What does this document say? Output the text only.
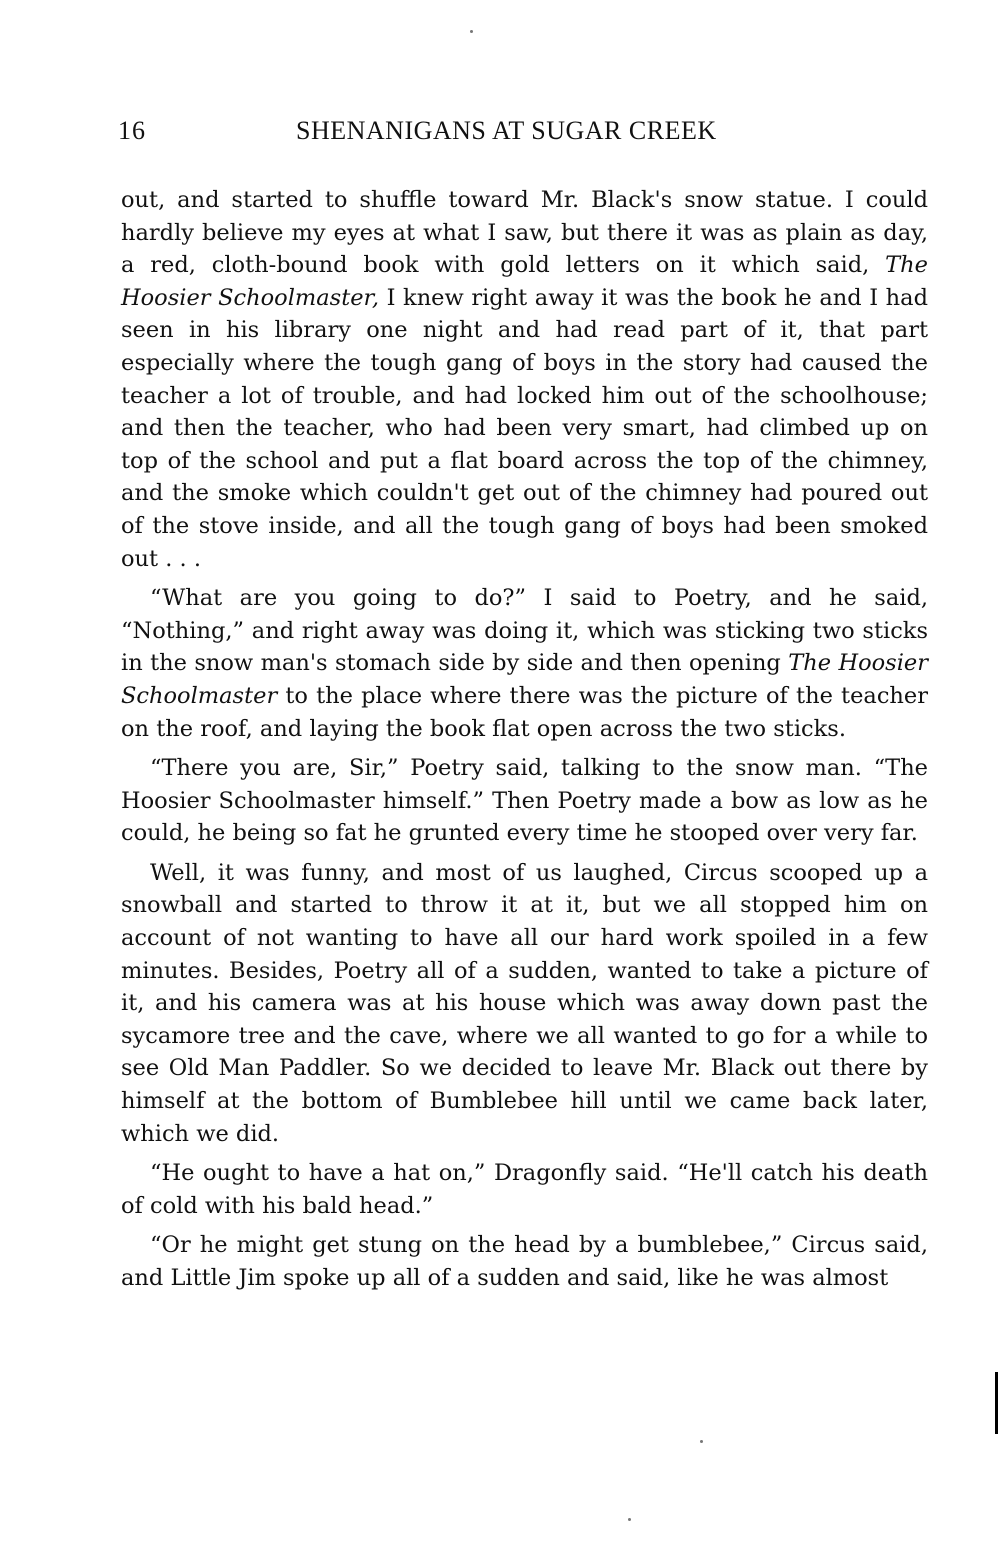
16	SHENANIGANS AT SUGAR CREEK

out, and started to shuffle toward Mr. Black's snow statue. I could hardly believe my eyes at what I saw, but there it was as plain as day, a red, cloth-bound book with gold letters on it which said, The Hoosier Schoolmaster, I knew right away it was the book he and I had seen in his library one night and had read part of it, that part especially where the tough gang of boys in the story had caused the teacher a lot of trouble, and had locked him out of the schoolhouse; and then the teacher, who had been very smart, had climbed up on top of the school and put a flat board across the top of the chimney, and the smoke which couldn't get out of the chimney had poured out of the stove inside, and all the tough gang of boys had been smoked out . . .

“What are you going to do?” I said to Poetry, and he said, “Nothing,” and right away was doing it, which was sticking two sticks in the snow man's stomach side by side and then opening The Hoosier Schoolmaster to the place where there was the picture of the teacher on the roof, and laying the book flat open across the two sticks.

“There you are, Sir,” Poetry said, talking to the snow man. “The Hoosier Schoolmaster himself.” Then Poetry made a bow as low as he could, he being so fat he grunted every time he stooped over very far.

Well, it was funny, and most of us laughed, Circus scooped up a snowball and started to throw it at it, but we all stopped him on account of not wanting to have all our hard work spoiled in a few minutes. Besides, Poetry all of a sudden, wanted to take a picture of it, and his camera was at his house which was away down past the sycamore tree and the cave, where we all wanted to go for a while to see Old Man Paddler. So we decided to leave Mr. Black out there by himself at the bottom of Bumblebee hill until we came back later, which we did.

“He ought to have a hat on,” Dragonfly said. “He'll catch his death of cold with his bald head.”

“Or he might get stung on the head by a bumblebee,” Circus said, and Little Jim spoke up all of a sudden and said, like he was almost
